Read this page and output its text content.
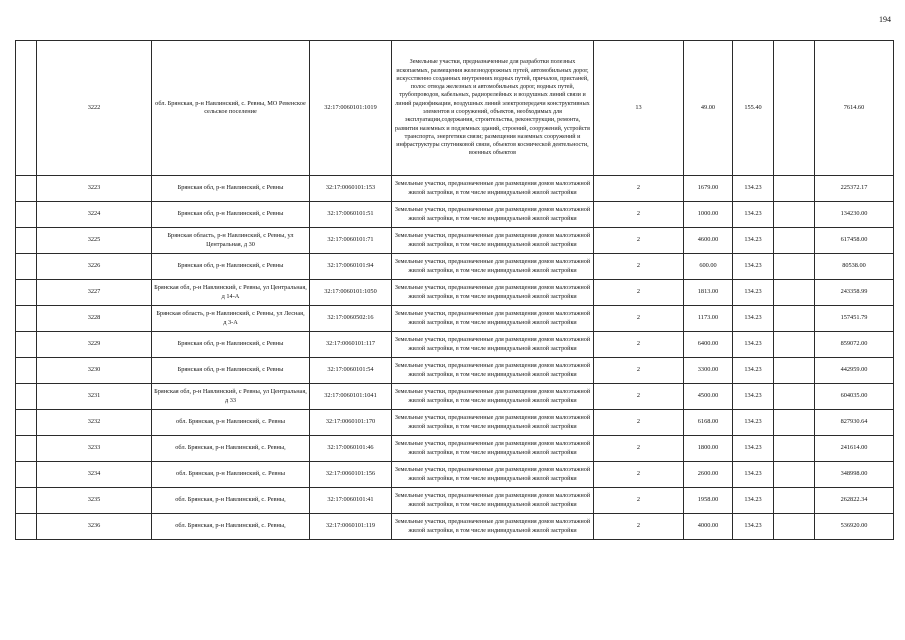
194
	3222	обл. Брянская, р-н Навлинский, с. Ревны, МО Ревенское сельское поселение	32:17:0060101:1019	Земельные участки, предназначенные для разработки полезных ископаемых, размещения железнодорожных путей, автомобильных дорог, искусственно созданных внутренних водных путей, причалов, пристаней, полос отвода железных и автомобильных дорог, водных путей, трубопроводов, кабельных, радиорелейных и воздушных линий связи и линий радиофикации, воздушных линий электропередачи конструктивных элементов и сооружений, объектов, необходимых для эксплуатации,содержания, строительства, реконструкции, ремонта, развития наземных и подземных зданий, строений, сооружений, устройств транспорта, энергетики связи; размещения наземных сооружений и инфраструктуры спутниковой связи, объектов космической деятельности, военных объектов	13	49.00	155.40		7614.60
	3223	Брянская обл, р-н Навлинский, с Ревны	32:17:0060101:153	Земельные участки, предназначенные для размещения домов малоэтажной жилой застройки, в том числе индивидуальной жилой застройки	2	1679.00	134.23		225372.17
	3224	Брянская обл, р-н Навлинский, с Ревны	32:17:0060101:51	Земельные участки, предназначенные для размещения домов малоэтажной жилой застройки, в том числе индивидуальной жилой застройки	2	1000.00	134.23		134230.00
	3225	Брянская область, р-н Навлинский, с Ревны, ул Центральная, д 30	32:17:0060101:71	Земельные участки, предназначенные для размещения домов малоэтажной жилой застройки, в том числе индивидуальной жилой застройки	2	4600.00	134.23		617458.00
	3226	Брянская обл, р-н Навлинский, с Ревны	32:17:0060101:94	Земельные участки, предназначенные для размещения домов малоэтажной жилой застройки, в том числе индивидуальной жилой застройки	2	600.00	134.23		80538.00
	3227	Брянская обл, р-н Навлинский, с Ревны, ул Центральная, д 14-А	32:17:0060101:1050	Земельные участки, предназначенные для размещения домов малоэтажной жилой застройки, в том числе индивидуальной жилой застройки	2	1813.00	134.23		243358.99
	3228	Брянская область, р-н Навлинский, с Ревны, ул Лесная, д 3-А	32:17:0060502:16	Земельные участки, предназначенные для размещения домов малоэтажной жилой застройки, в том числе индивидуальной жилой застройки	2	1173.00	134.23		157451.79
	3229	Брянская обл, р-н Навлинский, с Ревны	32:17:0060101:117	Земельные участки, предназначенные для размещения домов малоэтажной жилой застройки, в том числе индивидуальной жилой застройки	2	6400.00	134.23		859072.00
	3230	Брянская обл, р-н Навлинский, с Ревны	32:17:0060101:54	Земельные участки, предназначенные для размещения домов малоэтажной жилой застройки, в том числе индивидуальной жилой застройки	2	3300.00	134.23		442959.00
	3231	Брянская обл, р-н Навлинский, с Ревны, ул Центральная, д 33	32:17:0060101:1041	Земельные участки, предназначенные для размещения домов малоэтажной жилой застройки, в том числе индивидуальной жилой застройки	2	4500.00	134.23		604035.00
	3232	обл. Брянская, р-н Навлинский, с. Ревны	32:17:0060101:170	Земельные участки, предназначенные для размещения домов малоэтажной жилой застройки, в том числе индивидуальной жилой застройки	2	6168.00	134.23		827930.64
	3233	обл. Брянская, р-н Навлинский, с. Ревны,	32:17:0060101:46	Земельные участки, предназначенные для размещения домов малоэтажной жилой застройки, в том числе индивидуальной жилой застройки	2	1800.00	134.23		241614.00
	3234	обл. Брянская, р-н Навлинский, с. Ревны	32:17:0060101:156	Земельные участки, предназначенные для размещения домов малоэтажной жилой застройки, в том числе индивидуальной жилой застройки	2	2600.00	134.23		348998.00
	3235	обл. Брянская, р-н Навлинский, с. Ревны,	32:17:0060101:41	Земельные участки, предназначенные для размещения домов малоэтажной жилой застройки, в том числе индивидуальной жилой застройки	2	1958.00	134.23		262822.34
	3236	обл. Брянская, р-н Навлинский, с. Ревны,	32:17:0060101:119	Земельные участки, предназначенные для размещения домов малоэтажной жилой застройки, в том числе индивидуальной жилой застройки	2	4000.00	134.23		536920.00
